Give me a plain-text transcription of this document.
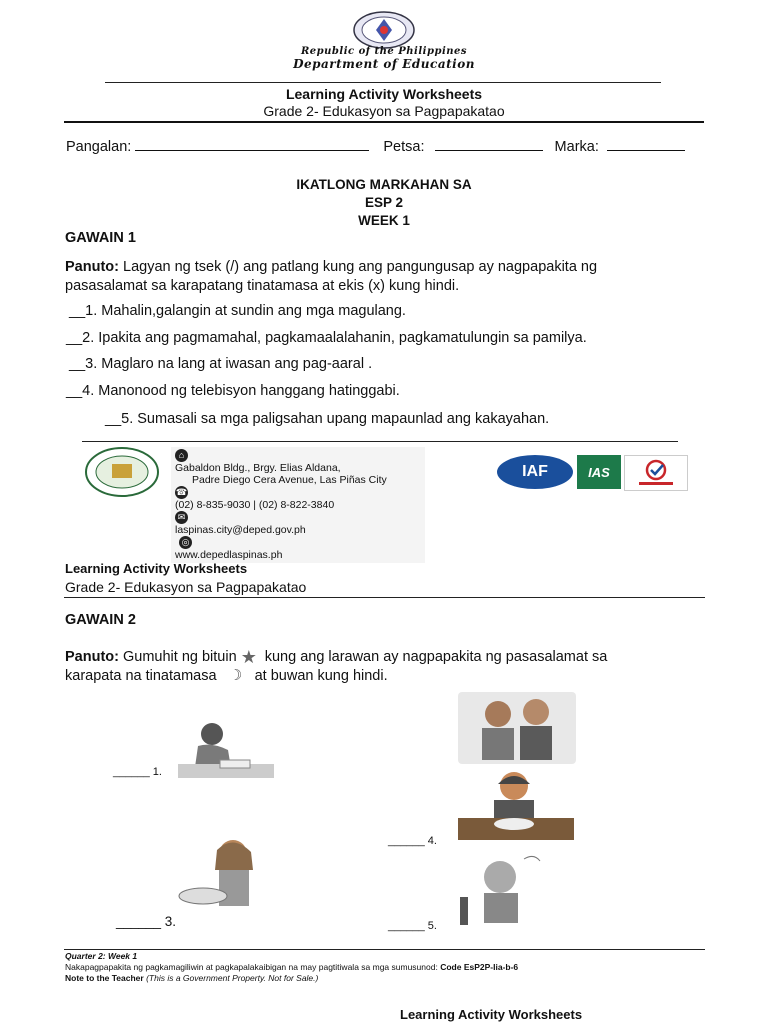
Republic of the Philippines
Department of Education
Learning Activity Worksheets
Grade 2- Edukasyon sa Pagpapakatao
Pangalan:	Petsa:	Marka:
IKATLONG MARKAHAN SA
ESP 2
WEEK 1
GAWAIN 1
Panuto: Lagyan ng tsek (/) ang patlang kung ang pangungusap ay nagpapakita ng
pasasalamat sa karapatang tinatamasa at ekis (x) kung hindi.
__1. Mahalin,galangin at sundin ang mga magulang.
__2. Ipakita ang pagmamahal, pagkamaalalahanin, pagkamatulungin sa pamilya.
__3. Maglaro na lang at iwasan ang pag-aaral .
__4. Manonood ng telebisyon hanggang hatinggabi.
__5. Sumasali sa mga paligsahan upang mapaunlad ang kakayahan.
⌂
Gabaldon Bldg., Brgy. Elias Aldana,
Padre Diego Cera Avenue, Las Piñas City
☎
(02) 8-835-9030 | (02) 8-822-3840
✉
laspinas.city@deped.gov.ph
◎
www.depedlaspinas.ph
IAF	IAS
Learning Activity Worksheets
Grade 2- Edukasyon sa Pagpapakatao
GAWAIN 2
Panuto: Gumuhit ng bituin ★ kung ang larawan ay nagpapakita ng pasasalamat sa
karapata na tinatamasa ☽ at buwan kung hindi.
______ 1.
______ 4.
______ 3.	______ 5.
Quarter 2: Week 1
Nakapagpapakita ng pagkamagiliwin at pagkapalakaibigan na may pagtitiwala sa mga sumusunod: Code EsP2P-Iia-b-6
Note to the Teacher (This is a Government Property. Not for Sale.)
Learning Activity Worksheets
